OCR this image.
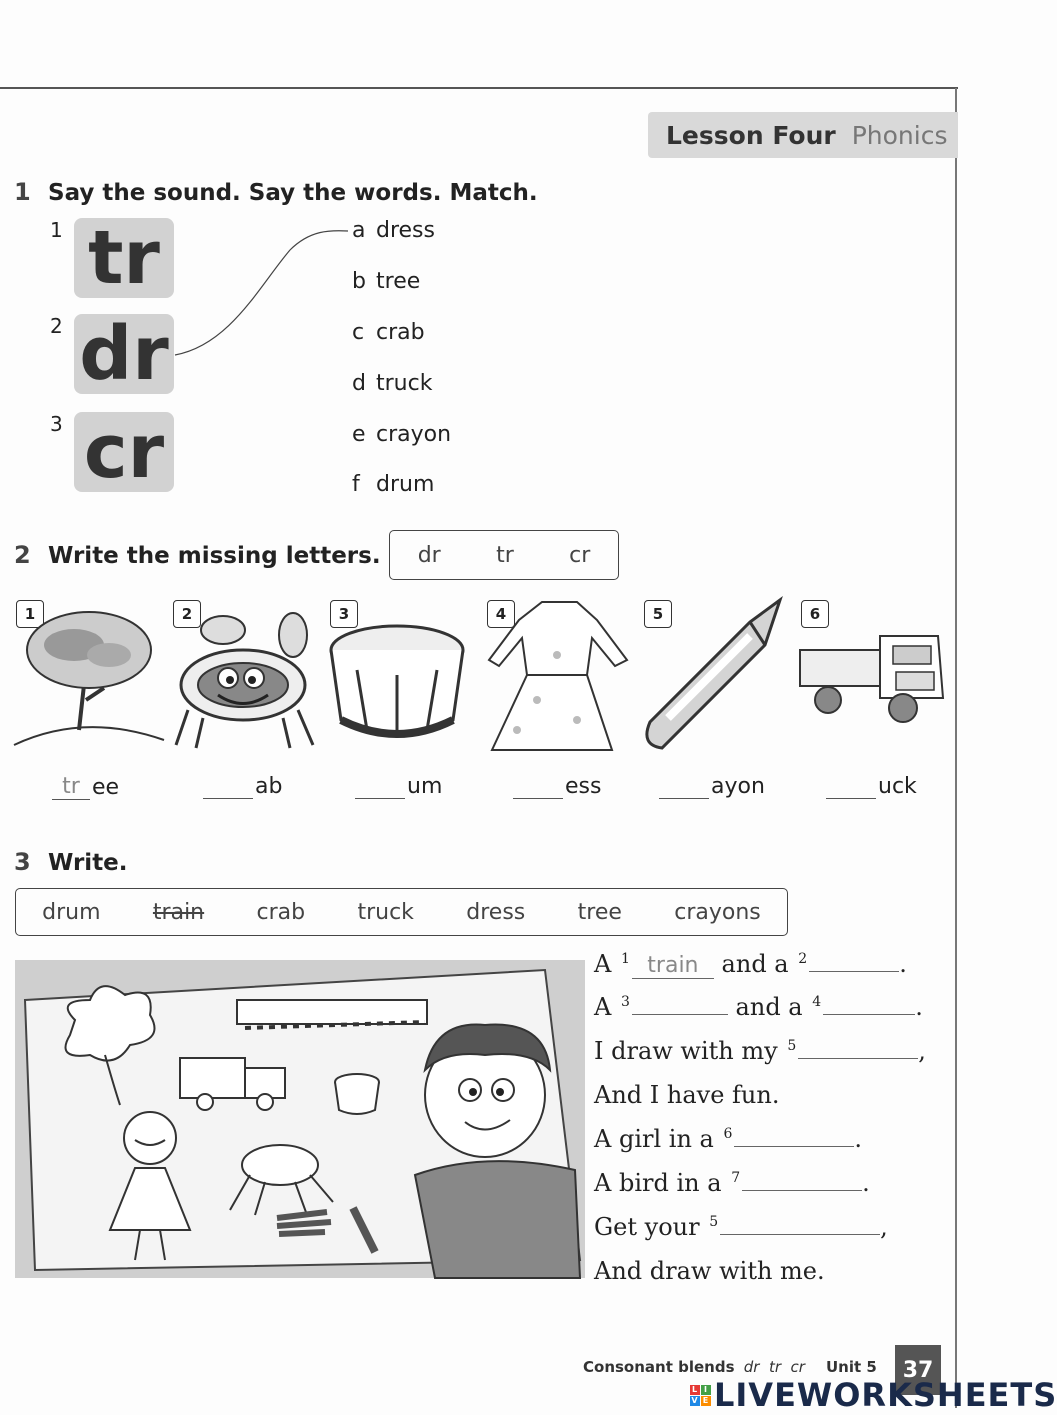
Lesson Four Phonics
1 Say the sound. Say the words. Match.
1 tr
2 dr
3 cr
a dress
b tree
c crab
d truck
e crayon
f drum
2 Write the missing letters. dr	tr	cr
1	2	3	4	5	6
tr ee	ab	um	ess	ayon	uck
3 Write.
drum train crab truck dress tree crayons
A $^1$ train and a $^2$	.
A $^3$	and a $^4$	.
I draw with my $^5$	,
And I have fun.
A girl in a $^6$	.
A bird in a $^7$	.
Get your $^5$	,
And draw with me.
Consonant blends dr  tr  cr Unit 5	37
L I
V E LIVEWORKSHEETS
